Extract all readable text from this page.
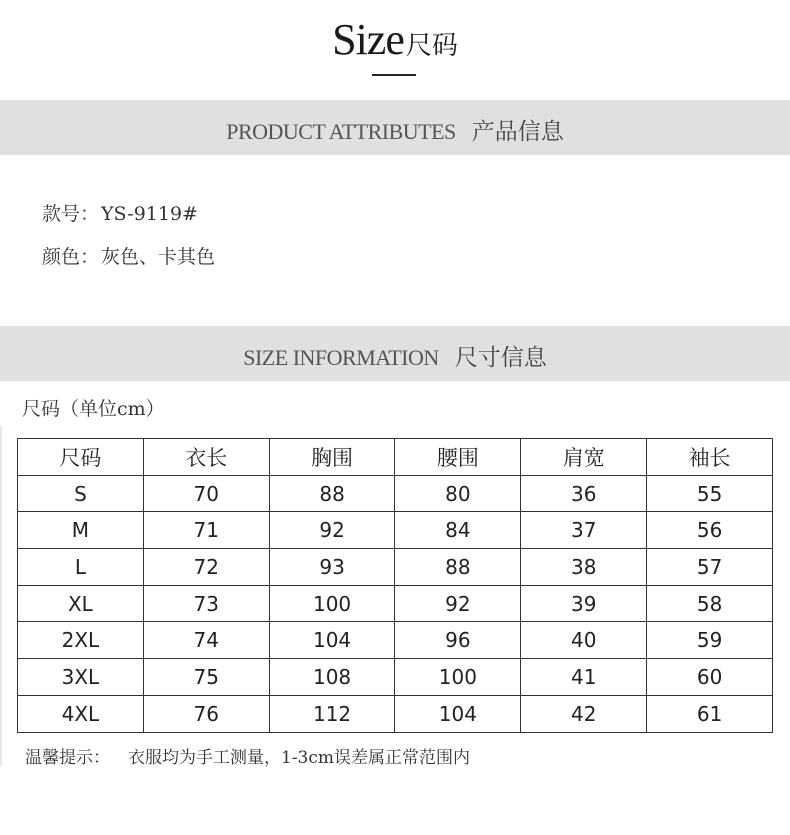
Size尺码
PRODUCT ATTRIBUTES 产品信息
款号： YS-9119#
颜色： 灰色、卡其色
SIZE INFORMATION 尺寸信息
尺码（单位cm）
尺码	衣长	胸围	腰围	肩宽	袖长
S	70	88	80	36	55
M	71	92	84	37	56
L	72	93	88	38	57
XL	73	100	92	39	58
2XL	74	104	96	40	59
3XL	75	108	100	41	60
4XL	76	112	104	42	61
温馨提示： 衣服均为手工测量，1-3cm误差属正常范围内
